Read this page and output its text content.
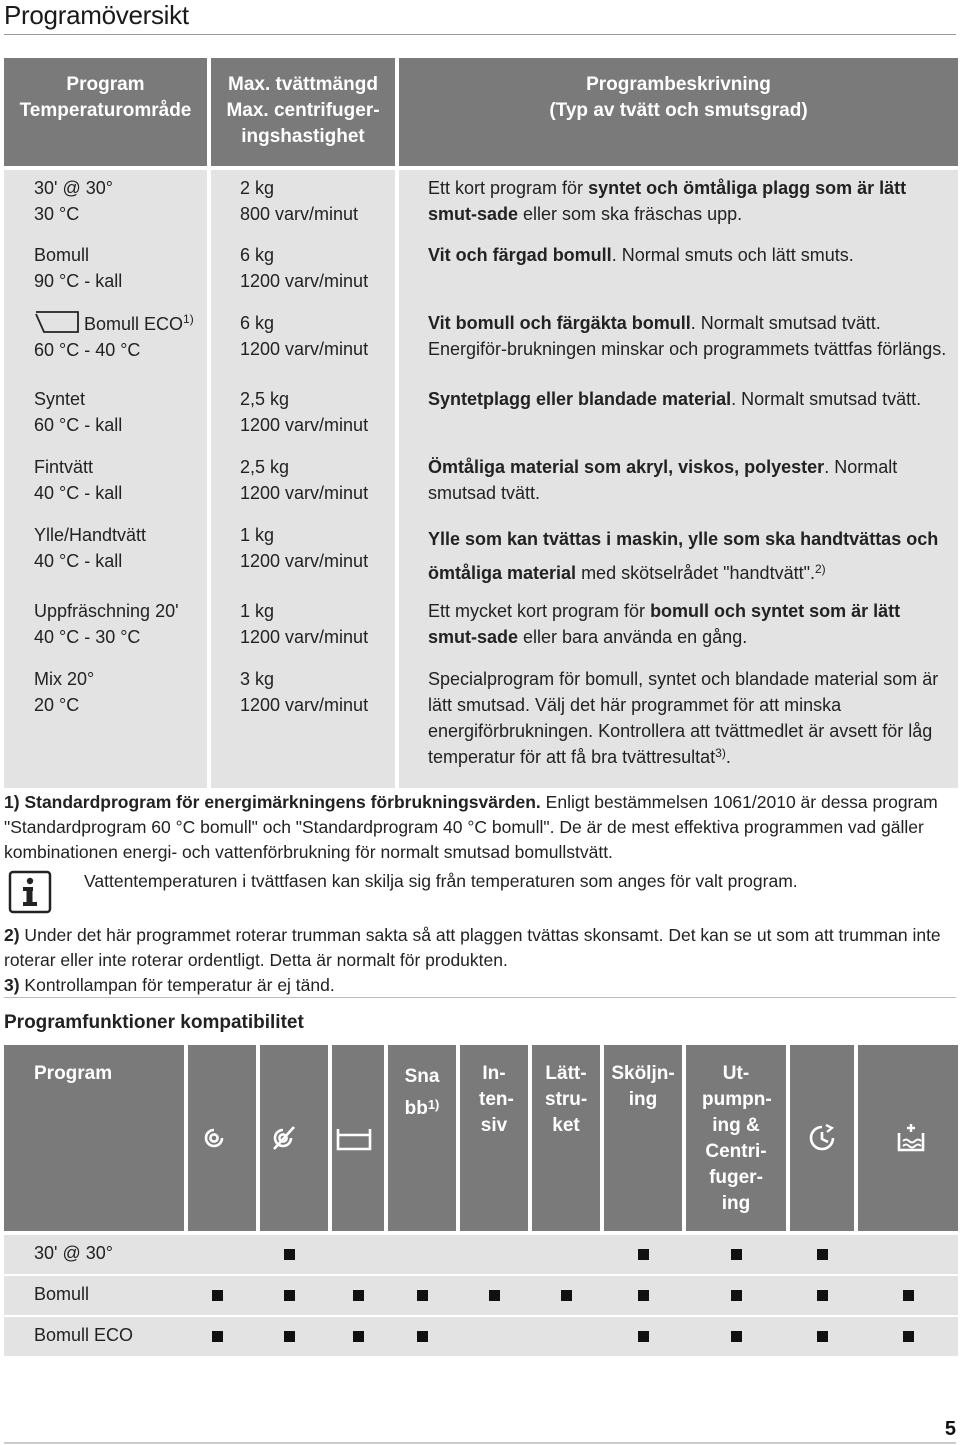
Programöversikt
Program
Temperaturområde
Max. tvättmängd
Max. centrifuger-
ingshastighet
Programbeskrivning
(Typ av tvätt och smutsgrad)
30' @ 30°
30 °C
2 kg
800 varv/minut
Ett kort program för syntet och ömtåliga plagg som är lätt smut-sade eller som ska fräschas upp.
Bomull
90 °C - kall
6 kg
1200 varv/minut
Vit och färgad bomull. Normal smuts och lätt smuts.
Bomull ECO$^{1)}$
60 °C - 40 °C
6 kg
1200 varv/minut
Vit bomull och färgäkta bomull. Normalt smutsad tvätt. Energiför-brukningen minskar och programmets tvättfas förlängs.
Syntet
60 °C - kall
2,5 kg
1200 varv/minut
Syntetplagg eller blandade material. Normalt smutsad tvätt.
Fintvätt
40 °C - kall
2,5 kg
1200 varv/minut
Ömtåliga material som akryl, viskos, polyester. Normalt smutsad tvätt.
Ylle/Handtvätt
40 °C - kall
1 kg
1200 varv/minut
Ylle som kan tvättas i maskin, ylle som ska handtvättas och ömtåliga material med skötselrådet "handtvätt".$^{2)}$
Uppfräschning 20'
40 °C - 30 °C
1 kg
1200 varv/minut
Ett mycket kort program för bomull och syntet som är lätt smut-sade eller bara använda en gång.
Mix 20°
20 °C
3 kg
1200 varv/minut
Specialprogram för bomull, syntet och blandade material som är lätt smutsad. Välj det här programmet för att minska energiförbrukningen. Kontrollera att tvättmedlet är avsett för låg temperatur för att få bra tvättresultat$^{3)}$.
1) Standardprogram för energimärkningens förbrukningsvärden. Enligt bestämmelsen 1061/2010 är dessa program "Standardprogram 60 °C bomull" och "Standardprogram 40 °C bomull". De är de mest effektiva programmen vad gäller kombinationen energi- och vattenförbrukning för normalt smutsad bomullstvätt.
Vattentemperaturen i tvättfasen kan skilja sig från temperaturen som anges för valt program.
2) Under det här programmet roterar trumman sakta så att plaggen tvättas skonsamt. Det kan se ut som att trumman inte roterar eller inte roterar ordentligt. Detta är normalt för produkten.
3) Kontrollampan för temperatur är ej tänd.
Programfunktioner kompatibilitet
Program	Sna $bb^{1)}$
In- ten- siv
Lätt- stru- ket
Sköljn- ing
Ut- pumpn- ing & Centri- fuger- ing
30' @ 30°
Bomull
Bomull ECO
5
